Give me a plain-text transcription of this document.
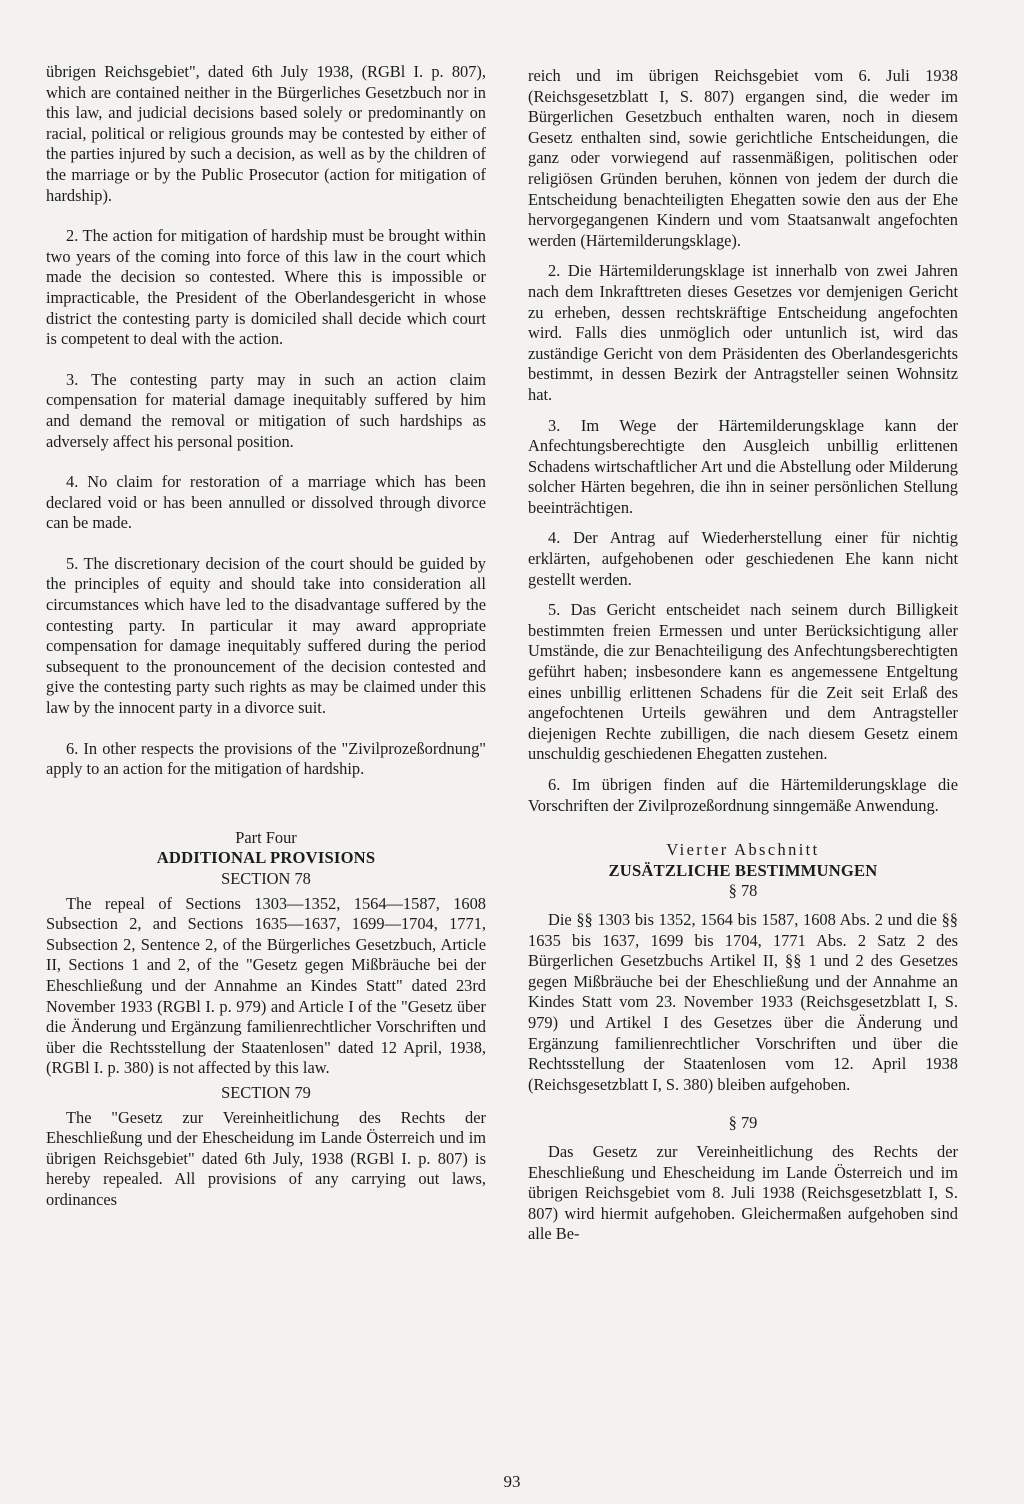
übrigen Reichsgebiet", dated 6th July 1938, (RGBl I. p. 807), which are contained neither in the Bürgerliches Gesetzbuch nor in this law, and judicial decisions based solely or predominantly on racial, political or religious grounds may be contested by either of the parties injured by such a decision, as well as by the children of the marriage or by the Public Prosecutor (action for mitigation of hardship).

2. The action for mitigation of hardship must be brought within two years of the coming into force of this law in the court which made the decision so contested. Where this is impossible or impracticable, the President of the Oberlandesgericht in whose district the contesting party is domiciled shall decide which court is competent to deal with the action.

3. The contesting party may in such an action claim compensation for material damage inequitably suffered by him and demand the removal or mitigation of such hardships as adversely affect his personal position.

4. No claim for restoration of a marriage which has been declared void or has been annulled or dissolved through divorce can be made.

5. The discretionary decision of the court should be guided by the principles of equity and should take into consideration all circumstances which have led to the disadvantage suffered by the contesting party. In particular it may award appropriate compensation for damage inequitably suffered during the period subsequent to the pronouncement of the decision contested and give the contesting party such rights as may be claimed under this law by the innocent party in a divorce suit.

6. In other respects the provisions of the "Zivilprozeßordnung" apply to an action for the mitigation of hardship.

Part Four

ADDITIONAL PROVISIONS

SECTION 78

The repeal of Sections 1303—1352, 1564—1587, 1608 Subsection 2, and Sections 1635—1637, 1699—1704, 1771, Subsection 2, Sentence 2, of the Bürgerliches Gesetzbuch, Article II, Sections 1 and 2, of the "Gesetz gegen Mißbräuche bei der Eheschließung und der Annahme an Kindes Statt" dated 23rd November 1933 (RGBl I. p. 979) and Article I of the "Gesetz über die Änderung und Ergänzung familienrechtlicher Vorschriften und über die Rechtsstellung der Staatenlosen" dated 12 April, 1938, (RGBl I. p. 380) is not affected by this law.

SECTION 79

The "Gesetz zur Vereinheitlichung des Rechts der Eheschließung und der Ehescheidung im Lande Österreich und im übrigen Reichsgebiet" dated 6th July, 1938 (RGBl I. p. 807) is hereby repealed. All provisions of any carrying out laws, ordinances

reich und im übrigen Reichsgebiet vom 6. Juli 1938 (Reichsgesetzblatt I, S. 807) ergangen sind, die weder im Bürgerlichen Gesetzbuch enthalten waren, noch in diesem Gesetz enthalten sind, sowie gerichtliche Entscheidungen, die ganz oder vorwiegend auf rassenmäßigen, politischen oder religiösen Gründen beruhen, können von jedem der durch die Entscheidung benachteiligten Ehegatten sowie den aus der Ehe hervorgegangenen Kindern und vom Staatsanwalt angefochten werden (Härtemilderungsklage).

2. Die Härtemilderungsklage ist innerhalb von zwei Jahren nach dem Inkrafttreten dieses Gesetzes vor demjenigen Gericht zu erheben, dessen rechtskräftige Entscheidung angefochten wird. Falls dies unmöglich oder untunlich ist, wird das zuständige Gericht von dem Präsidenten des Oberlandesgerichts bestimmt, in dessen Bezirk der Antragsteller seinen Wohnsitz hat.

3. Im Wege der Härtemilderungsklage kann der Anfechtungsberechtigte den Ausgleich unbillig erlittenen Schadens wirtschaftlicher Art und die Abstellung oder Milderung solcher Härten begehren, die ihn in seiner persönlichen Stellung beeinträchtigen.

4. Der Antrag auf Wiederherstellung einer für nichtig erklärten, aufgehobenen oder geschiedenen Ehe kann nicht gestellt werden.

5. Das Gericht entscheidet nach seinem durch Billigkeit bestimmten freien Ermessen und unter Berücksichtigung aller Umstände, die zur Benachteiligung des Anfechtungsberechtigten geführt haben; insbesondere kann es angemessene Entgeltung eines unbillig erlittenen Schadens für die Zeit seit Erlaß des angefochtenen Urteils gewähren und dem Antragsteller diejenigen Rechte zubilligen, die nach diesem Gesetz einem unschuldig geschiedenen Ehegatten zustehen.

6. Im übrigen finden auf die Härtemilderungsklage die Vorschriften der Zivilprozeßordnung sinngemäße Anwendung.

Vierter Abschnitt

ZUSÄTZLICHE BESTIMMUNGEN

§ 78

Die §§ 1303 bis 1352, 1564 bis 1587, 1608 Abs. 2 und die §§ 1635 bis 1637, 1699 bis 1704, 1771 Abs. 2 Satz 2 des Bürgerlichen Gesetzbuchs Artikel II, §§ 1 und 2 des Gesetzes gegen Mißbräuche bei der Eheschließung und der Annahme an Kindes Statt vom 23. November 1933 (Reichsgesetzblatt I, S. 979) und Artikel I des Gesetzes über die Änderung und Ergänzung familienrechtlicher Vorschriften und über die Rechtsstellung der Staatenlosen vom 12. April 1938 (Reichsgesetzblatt I, S. 380) bleiben aufgehoben.

§ 79

Das Gesetz zur Vereinheitlichung des Rechts der Eheschließung und Ehescheidung im Lande Österreich und im übrigen Reichsgebiet vom 8. Juli 1938 (Reichsgesetzblatt I, S. 807) wird hiermit aufgehoben. Gleichermaßen aufgehoben sind alle Be-

93
